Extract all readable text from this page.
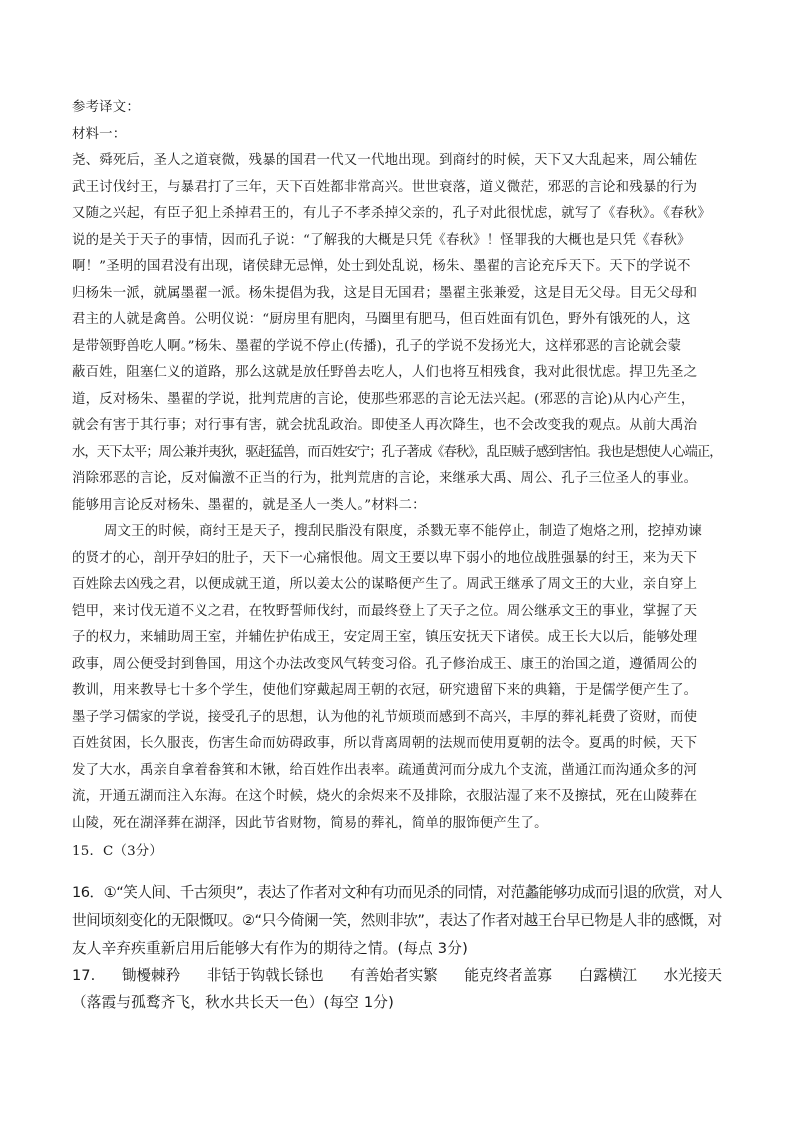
参考译文：
材料一：
尧、舜死后，圣人之道衰微，残暴的国君一代又一代地出现。到商纣的时候，天下又大乱起来，周公辅佐
武王讨伐纣王，与暴君打了三年，天下百姓都非常高兴。世世衰落，道义微茫，邪恶的言论和残暴的行为
又随之兴起，有臣子犯上杀掉君王的，有儿子不孝杀掉父亲的，孔子对此很忧虑，就写了《春秋》。《春秋》
说的是关于天子的事情，因而孔子说：“了解我的大概是只凭《春秋》！怪罪我的大概也是只凭《春秋》
啊！”圣明的国君没有出现，诸侯肆无忌惮，处士到处乱说，杨朱、墨翟的言论充斥天下。天下的学说不
归杨朱一派，就属墨翟一派。杨朱提倡为我，这是目无国君；墨翟主张兼爱，这是目无父母。目无父母和
君主的人就是禽兽。公明仪说：“厨房里有肥肉，马圈里有肥马，但百姓面有饥色，野外有饿死的人，这
是带领野兽吃人啊。”杨朱、墨翟的学说不停止(传播)，孔子的学说不发扬光大，这样邪恶的言论就会蒙
蔽百姓，阻塞仁义的道路，那么这就是放任野兽去吃人，人们也将互相残食，我对此很忧虑。捍卫先圣之
道，反对杨朱、墨翟的学说，批判荒唐的言论，使那些邪恶的言论无法兴起。(邪恶的言论)从内心产生，
就会有害于其行事；对行事有害，就会扰乱政治。即使圣人再次降生，也不会改变我的观点。从前大禹治
水，天下太平；周公兼并夷狄，驱赶猛兽，而百姓安宁；孔子著成《春秋》，乱臣贼子感到害怕。我也是想使人心端正，
消除邪恶的言论，反对偏激不正当的行为，批判荒唐的言论，来继承大禹、周公、孔子三位圣人的事业。
能够用言论反对杨朱、墨翟的，就是圣人一类人。”材料二：
周文王的时候，商纣王是天子，搜刮民脂没有限度，杀戮无辜不能停止，制造了炮烙之刑，挖掉劝谏
的贤才的心，剖开孕妇的肚子，天下一心痛恨他。周文王要以卑下弱小的地位战胜强暴的纣王，来为天下
百姓除去凶残之君，以便成就王道，所以姜太公的谋略便产生了。周武王继承了周文王的大业，亲自穿上
铠甲，来讨伐无道不义之君，在牧野誓师伐纣，而最终登上了天子之位。周公继承文王的事业，掌握了天
子的权力，来辅助周王室，并辅佐护佑成王，安定周王室，镇压安抚天下诸侯。成王长大以后，能够处理
政事，周公便受封到鲁国，用这个办法改变风气转变习俗。孔子修治成王、康王的治国之道，遵循周公的
教训，用来教导七十多个学生，使他们穿戴起周王朝的衣冠，研究遗留下来的典籍，于是儒学便产生了。
墨子学习儒家的学说，接受孔子的思想，认为他的礼节烦琐而感到不高兴，丰厚的葬礼耗费了资财，而使
百姓贫困，长久服丧，伤害生命而妨碍政事，所以背离周朝的法规而使用夏朝的法令。夏禹的时候，天下
发了大水，禹亲自拿着畚箕和木锹，给百姓作出表率。疏通黄河而分成九个支流，凿通江而沟通众多的河
流，开通五湖而注入东海。在这个时候，烧火的余烬来不及排除，衣服沾湿了来不及擦拭，死在山陵葬在
山陵，死在湖泽葬在湖泽，因此节省财物，简易的葬礼，简单的服饰便产生了。
15．C（3分）
16．①“笑人间、千古须臾”，表达了作者对文种有功而见杀的同情，对范蠡能够功成而引退的欣赏，对人
世间顷刻变化的无限慨叹。②“只今倚阑一笑，然则非欤”，表达了作者对越王台早已物是人非的感慨，对
友人辛弃疾重新启用后能够大有作为的期待之情。(每点 3分)
17. 锄櫌棘矜 非铦于钩戟长铩也 有善始者实繁 能克终者盖寡 白露横江 水光接天
（落霞与孤鹜齐飞，秋水共长天一色）(每空 1分)
